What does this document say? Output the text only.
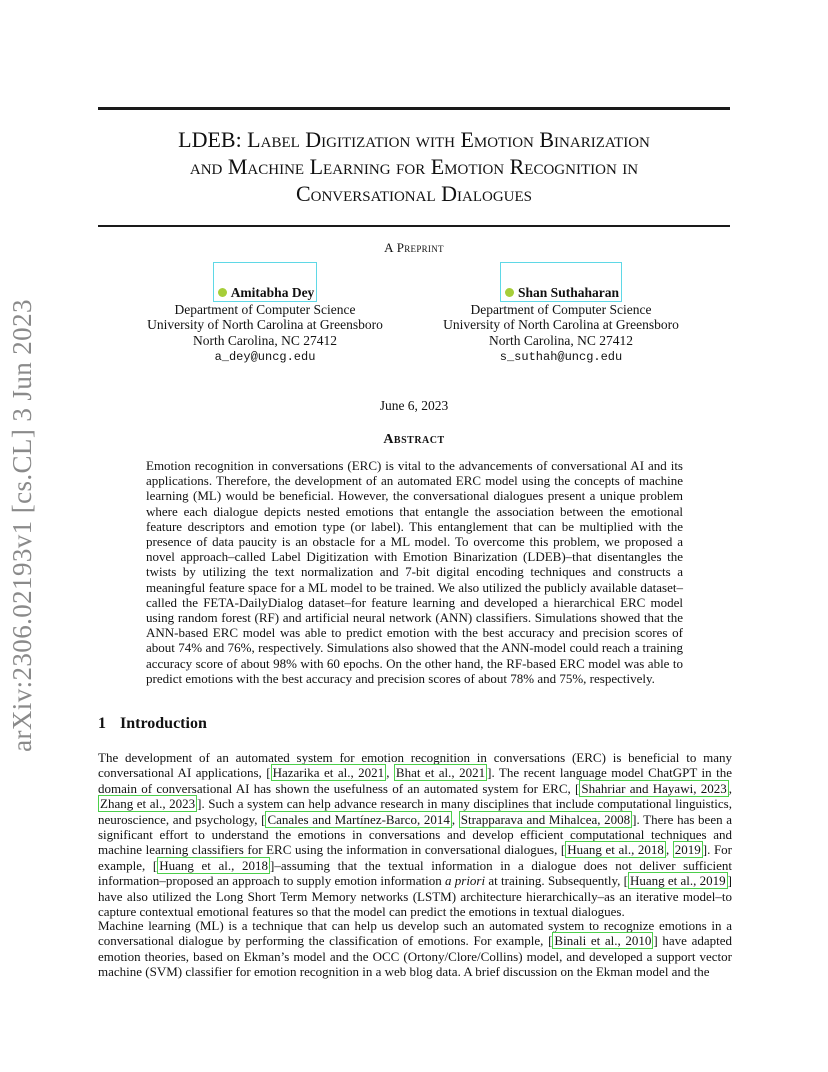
arXiv:2306.02193v1 [cs.CL] 3 Jun 2023
LDEB: Label Digitization with Emotion Binarization
and Machine Learning for Emotion Recognition in
Conversational Dialogues
A Preprint
Amitabha Dey
Department of Computer Science
University of North Carolina at Greensboro
North Carolina, NC 27412
a_dey@uncg.edu
Shan Suthaharan
Department of Computer Science
University of North Carolina at Greensboro
North Carolina, NC 27412
s_suthah@uncg.edu
June 6, 2023
Abstract

Emotion recognition in conversations (ERC) is vital to the advancements of conversational AI and its applications. Therefore, the development of an automated ERC model using the concepts of machine learning (ML) would be beneficial. However, the conversational dialogues present a unique problem where each dialogue depicts nested emotions that entangle the association between the emotional feature descriptors and emotion type (or label). This entanglement that can be multiplied with the presence of data paucity is an obstacle for a ML model. To overcome this problem, we proposed a novel approach–called Label Digitization with Emotion Binarization (LDEB)–that disentangles the twists by utilizing the text normalization and 7-bit digital encoding techniques and constructs a meaningful feature space for a ML model to be trained. We also utilized the publicly available dataset–called the FETA-DailyDialog dataset–for feature learning and developed a hierarchical ERC model using random forest (RF) and artificial neural network (ANN) classifiers. Simulations showed that the ANN-based ERC model was able to predict emotion with the best accuracy and precision scores of about 74% and 76%, respectively. Simulations also showed that the ANN-model could reach a training accuracy score of about 98% with 60 epochs. On the other hand, the RF-based ERC model was able to predict emotions with the best accuracy and precision scores of about 78% and 75%, respectively.

1 Introduction

The development of an automated system for emotion recognition in conversations (ERC) is beneficial to many conversational AI applications, [ Hazarika et al., 2021 , Bhat et al., 2021 ]. The recent language model ChatGPT in the domain of conversational AI has shown the usefulness of an automated system for ERC, [ Shahriar and Hayawi, 2023 , Zhang et al., 2023 ]. Such a system can help advance research in many disciplines that include computational linguistics, neuroscience, and psychology, [ Canales and Martínez-Barco, 2014 , Strapparava and Mihalcea, 2008 ]. There has been a significant effort to understand the emotions in conversations and develop efficient computational techniques and machine learning classifiers for ERC using the information in conversational dialogues, [ Huang et al., 2018 , 2019 ]. For example, [ Huang et al., 2018 ]–assuming that the textual information in a dialogue does not deliver sufficient information–proposed an approach to supply emotion information a priori at training. Subsequently, [ Huang et al., 2019 ] have also utilized the Long Short Term Memory networks (LSTM) architecture hierarchically–as an iterative model–to capture contextual emotional features so that the model can predict the emotions in textual dialogues.

Machine learning (ML) is a technique that can help us develop such an automated system to recognize emotions in a conversational dialogue by performing the classification of emotions. For example, [ Binali et al., 2010 ] have adapted emotion theories, based on Ekman’s model and the OCC (Ortony/Clore/Collins) model, and developed a support vector machine (SVM) classifier for emotion recognition in a web blog data. A brief discussion on the Ekman model and the
